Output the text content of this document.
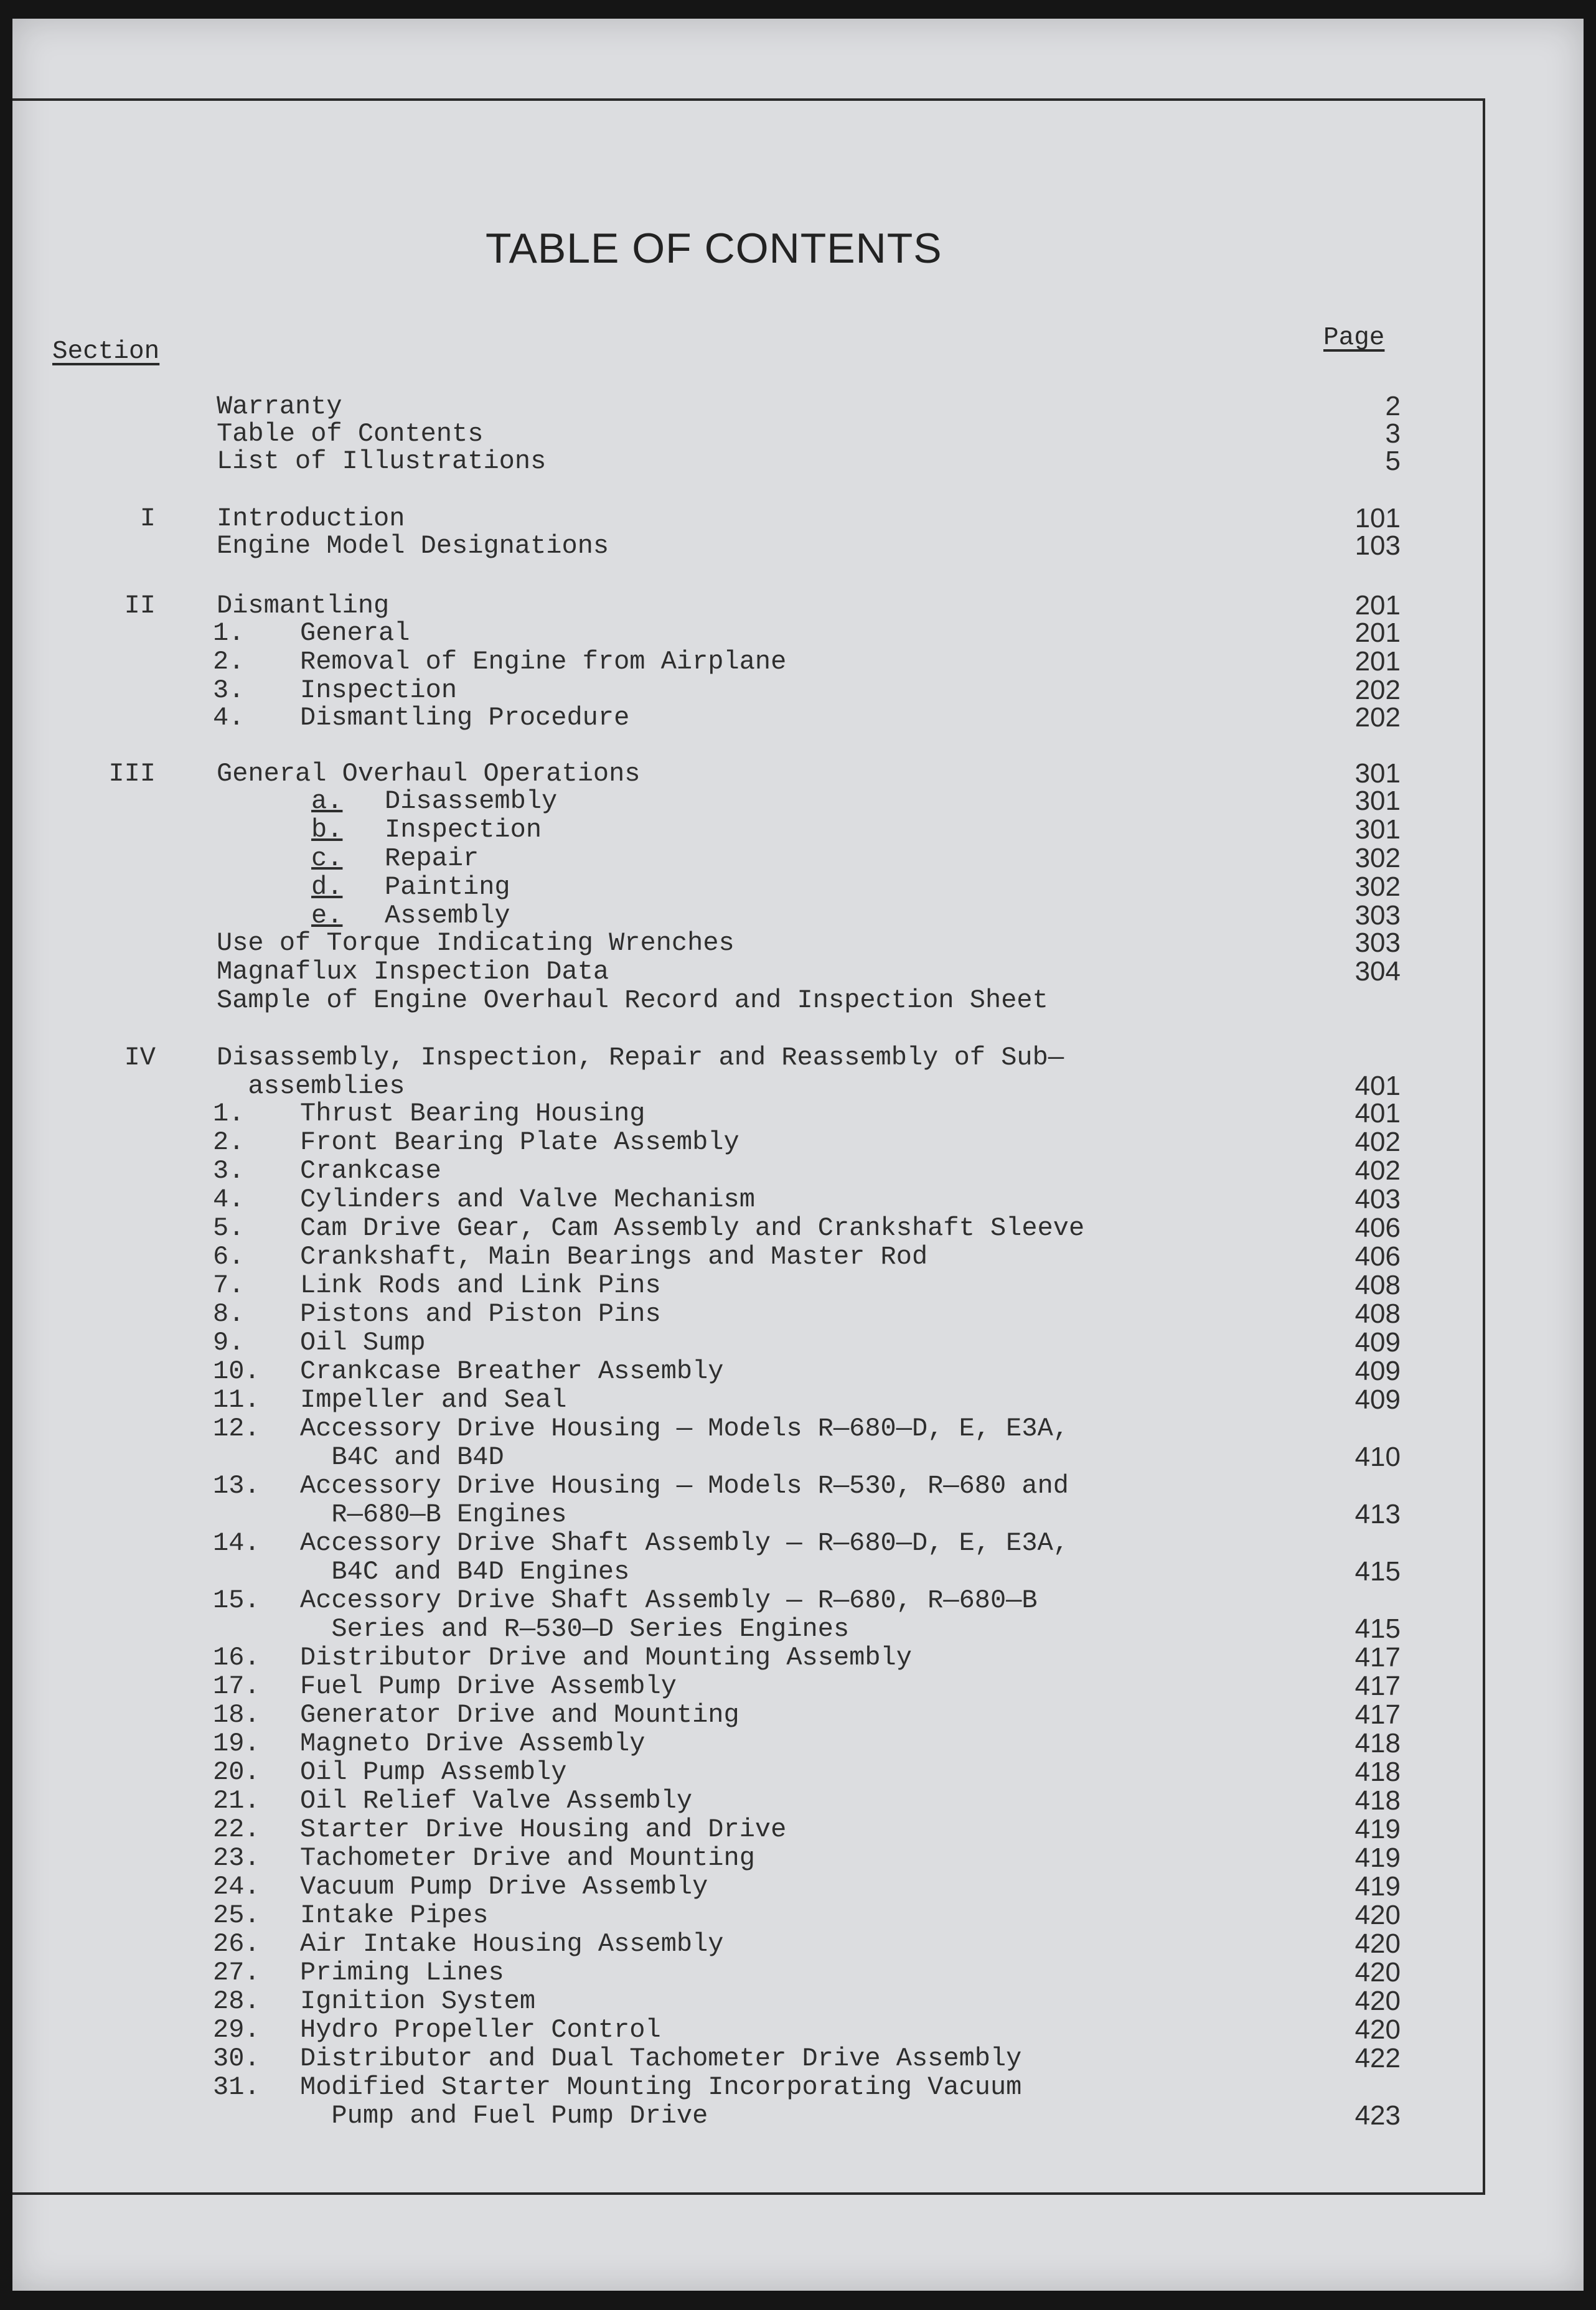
TABLE OF CONTENTS
Section	Page
Warranty	2
Table of Contents	3
List of Illustrations	5
I Introduction	101
Engine Model Designations	103
II Dismantling	201
1. General	201
2. Removal of Engine from Airplane	201
3. Inspection	202
4. Dismantling Procedure	202
III General Overhaul Operations	301
a. Disassembly	301
b. Inspection	301
c. Repair	302
d. Painting	302
e. Assembly	303
Use of Torque Indicating Wrenches	303
Magnaflux Inspection Data	304
Sample of Engine Overhaul Record and Inspection Sheet
IV Disassembly, Inspection, Repair and Reassembly of Sub—
assemblies	401
1. Thrust Bearing Housing	401
2. Front Bearing Plate Assembly	402
3. Crankcase	402
4. Cylinders and Valve Mechanism	403
5. Cam Drive Gear, Cam Assembly and Crankshaft Sleeve	406
6. Crankshaft, Main Bearings and Master Rod	406
7. Link Rods and Link Pins	408
8. Pistons and Piston Pins	408
9. Oil Sump	409
10. Crankcase Breather Assembly	409
11. Impeller and Seal	409
12. Accessory Drive Housing — Models R—680—D, E, E3A,
B4C and B4D	410
13. Accessory Drive Housing — Models R—530, R—680 and
R—680—B Engines	413
14. Accessory Drive Shaft Assembly — R—680—D, E, E3A,
B4C and B4D Engines	415
15. Accessory Drive Shaft Assembly — R—680, R—680—B
Series and R—530—D Series Engines	415
16. Distributor Drive and Mounting Assembly	417
17. Fuel Pump Drive Assembly	417
18. Generator Drive and Mounting	417
19. Magneto Drive Assembly	418
20. Oil Pump Assembly	418
21. Oil Relief Valve Assembly	418
22. Starter Drive Housing and Drive	419
23. Tachometer Drive and Mounting	419
24. Vacuum Pump Drive Assembly	419
25. Intake Pipes	420
26. Air Intake Housing Assembly	420
27. Priming Lines	420
28. Ignition System	420
29. Hydro Propeller Control	420
30. Distributor and Dual Tachometer Drive Assembly	422
31. Modified Starter Mounting Incorporating Vacuum
Pump and Fuel Pump Drive	423
